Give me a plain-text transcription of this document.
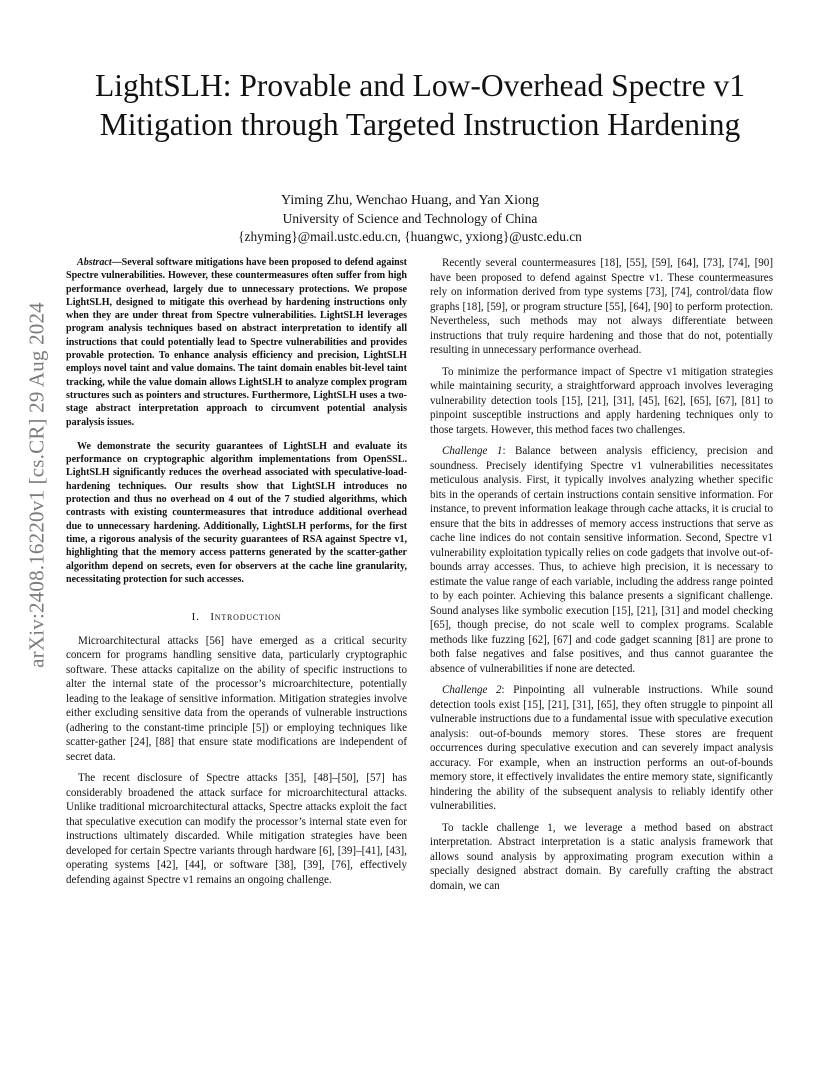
LightSLH: Provable and Low-Overhead Spectre v1
Mitigation through Targeted Instruction Hardening
Yiming Zhu, Wenchao Huang, and Yan Xiong
University of Science and Technology of China
{zhyming}@mail.ustc.edu.cn, {huangwc, yxiong}@ustc.edu.cn
arXiv:2408.16220v1 [cs.CR] 29 Aug 2024

Abstract—Several software mitigations have been proposed to defend against Spectre vulnerabilities. However, these countermeasures often suffer from high performance overhead, largely due to unnecessary protections. We propose LightSLH, designed to mitigate this overhead by hardening instructions only when they are under threat from Spectre vulnerabilities. LightSLH leverages program analysis techniques based on abstract interpretation to identify all instructions that could potentially lead to Spectre vulnerabilities and provides provable protection. To enhance analysis efficiency and precision, LightSLH employs novel taint and value domains. The taint domain enables bit-level taint tracking, while the value domain allows LightSLH to analyze complex program structures such as pointers and structures. Furthermore, LightSLH uses a two-stage abstract interpretation approach to circumvent potential analysis paralysis issues.

We demonstrate the security guarantees of LightSLH and evaluate its performance on cryptographic algorithm implementations from OpenSSL. LightSLH significantly reduces the overhead associated with speculative-load-hardening techniques. Our results show that LightSLH introduces no protection and thus no overhead on 4 out of the 7 studied algorithms, which contrasts with existing countermeasures that introduce additional overhead due to unnecessary hardening. Additionally, LightSLH performs, for the first time, a rigorous analysis of the security guarantees of RSA against Spectre v1, highlighting that the memory access patterns generated by the scatter-gather algorithm depend on secrets, even for observers at the cache line granularity, necessitating protection for such accesses.

I. Introduction

Microarchitectural attacks [56] have emerged as a critical security concern for programs handling sensitive data, particularly cryptographic software. These attacks capitalize on the ability of specific instructions to alter the internal state of the processor’s microarchitecture, potentially leading to the leakage of sensitive information. Mitigation strategies involve either excluding sensitive data from the operands of vulnerable instructions (adhering to the constant-time principle [5]) or employing techniques like scatter-gather [24], [88] that ensure state modifications are independent of secret data.

The recent disclosure of Spectre attacks [35], [48]–[50], [57] has considerably broadened the attack surface for microarchitectural attacks. Unlike traditional microarchitectural attacks, Spectre attacks exploit the fact that speculative execution can modify the processor’s internal state even for instructions ultimately discarded. While mitigation strategies have been developed for certain Spectre variants through hardware [6], [39]–[41], [43], operating systems [42], [44], or software [38], [39], [76], effectively defending against Spectre v1 remains an ongoing challenge.

Recently several countermeasures [18], [55], [59], [64], [73], [74], [90] have been proposed to defend against Spectre v1. These countermeasures rely on information derived from type systems [73], [74], control/data flow graphs [18], [59], or program structure [55], [64], [90] to perform protection. Nevertheless, such methods may not always differentiate between instructions that truly require hardening and those that do not, potentially resulting in unnecessary performance overhead.

To minimize the performance impact of Spectre v1 mitigation strategies while maintaining security, a straightforward approach involves leveraging vulnerability detection tools [15], [21], [31], [45], [62], [65], [67], [81] to pinpoint susceptible instructions and apply hardening techniques only to those targets. However, this method faces two challenges.

Challenge 1: Balance between analysis efficiency, precision and soundness. Precisely identifying Spectre v1 vulnerabilities necessitates meticulous analysis. First, it typically involves analyzing whether specific bits in the operands of certain instructions contain sensitive information. For instance, to prevent information leakage through cache attacks, it is crucial to ensure that the bits in addresses of memory access instructions that serve as cache line indices do not contain sensitive information. Second, Spectre v1 vulnerability exploitation typically relies on code gadgets that involve out-of-bounds array accesses. Thus, to achieve high precision, it is necessary to estimate the value range of each variable, including the address range pointed to by each pointer. Achieving this balance presents a significant challenge. Sound analyses like symbolic execution [15], [21], [31] and model checking [65], though precise, do not scale well to complex programs. Scalable methods like fuzzing [62], [67] and code gadget scanning [81] are prone to both false negatives and false positives, and thus cannot guarantee the absence of vulnerabilities if none are detected.

Challenge 2: Pinpointing all vulnerable instructions. While sound detection tools exist [15], [21], [31], [65], they often struggle to pinpoint all vulnerable instructions due to a fundamental issue with speculative execution analysis: out-of-bounds memory stores. These stores are frequent occurrences during speculative execution and can severely impact analysis accuracy. For example, when an instruction performs an out-of-bounds memory store, it effectively invalidates the entire memory state, significantly hindering the ability of the subsequent analysis to reliably identify other vulnerabilities.

To tackle challenge 1, we leverage a method based on abstract interpretation. Abstract interpretation is a static analysis framework that allows sound analysis by approximating program execution within a specially designed abstract domain. By carefully crafting the abstract domain, we can
